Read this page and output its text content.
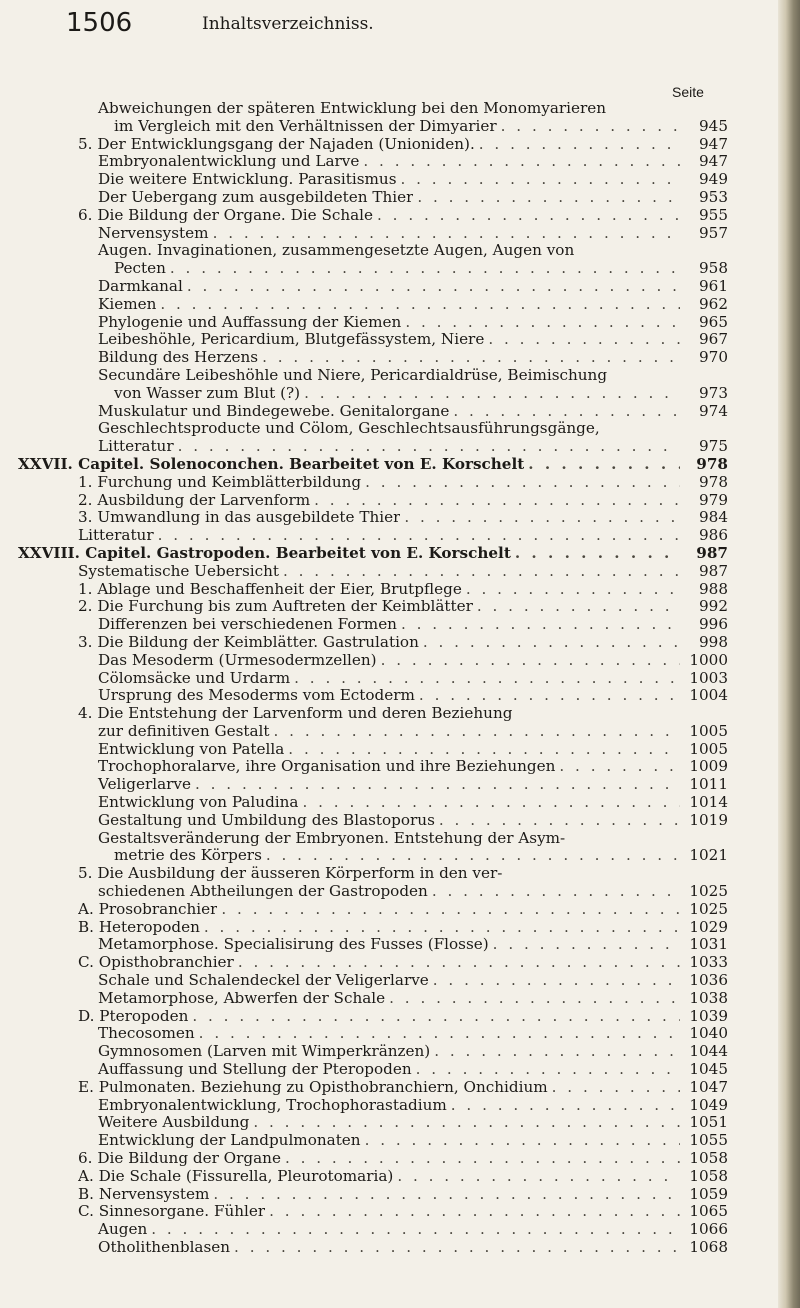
1506	Inhaltsverzeichniss.
Seite
Abweichungen der späteren Entwicklung bei den Monomyarieren
im Vergleich mit den Verhältnissen der Dimyarier . . .	945
5. Der Entwicklungsgang der Najaden (Unioniden). . . .	947
Embryonalentwicklung und Larve . . .	947
Die weitere Entwicklung. Parasitismus . . .	949
Der Uebergang zum ausgebildeten Thier . . .	953
6. Die Bildung der Organe. Die Schale . . .	955
Nervensystem . . .	957
Augen. Invaginationen, zusammengesetzte Augen, Augen von
Pecten . . .	958
Darmkanal . . .	961
Kiemen . . .	962
Phylogenie und Auffassung der Kiemen . . .	965
Leibeshöhle, Pericardium, Blutgefässystem, Niere . . .	967
Bildung des Herzens . . .	970
Secundäre Leibeshöhle und Niere, Pericardialdrüse, Beimischung
von Wasser zum Blut (?) . . .	973
Muskulatur und Bindegewebe. Genitalorgane . . .	974
Geschlechtsproducte und Cölom, Geschlechtsausführungsgänge,
Litteratur . . .	975
XXVII. Capitel. Solenoconchen. Bearbeitet von E. Korschelt . . .	978
1. Furchung und Keimblätterbildung . . .	978
2. Ausbildung der Larvenform . . .	979
3. Umwandlung in das ausgebildete Thier . . .	984
Litteratur . . .	986
XXVIII. Capitel. Gastropoden. Bearbeitet von E. Korschelt . . .	987
Systematische Uebersicht . . .	987
1. Ablage und Beschaffenheit der Eier, Brutpflege . . .	988
2. Die Furchung bis zum Auftreten der Keimblätter . . .	992
Differenzen bei verschiedenen Formen . . .	996
3. Die Bildung der Keimblätter. Gastrulation . . .	998
Das Mesoderm (Urmesodermzellen) . . .	1000
Cölomsäcke und Urdarm . . .	1003
Ursprung des Mesoderms vom Ectoderm . . .	1004
4. Die Entstehung der Larvenform und deren Beziehung
zur definitiven Gestalt . . .	1005
Entwicklung von Patella . . .	1005
Trochophoralarve, ihre Organisation und ihre Beziehungen . . .	1009
Veligerlarve . . .	1011
Entwicklung von Paludina . . .	1014
Gestaltung und Umbildung des Blastoporus . . .	1019
Gestaltsveränderung der Embryonen. Entstehung der Asym-
metrie des Körpers . . .	1021
5. Die Ausbildung der äusseren Körperform in den ver-
schiedenen Abtheilungen der Gastropoden . . .	1025
A. Prosobranchier . . .	1025
B. Heteropoden . . .	1029
Metamorphose. Specialisirung des Fusses (Flosse) . . .	1031
C. Opisthobranchier . . .	1033
Schale und Schalendeckel der Veligerlarve . . .	1036
Metamorphose, Abwerfen der Schale . . .	1038
D. Pteropoden . . .	1039
Thecosomen . . .	1040
Gymnosomen (Larven mit Wimperkränzen) . . .	1044
Auffassung und Stellung der Pteropoden . . .	1045
E. Pulmonaten. Beziehung zu Opisthobranchiern, Onchidium . . .	1047
Embryonalentwicklung, Trochophorastadium . . .	1049
Weitere Ausbildung . . .	1051
Entwicklung der Landpulmonaten . . .	1055
6. Die Bildung der Organe . . .	1058
A. Die Schale (Fissurella, Pleurotomaria) . . .	1058
B. Nervensystem . . .	1059
C. Sinnesorgane. Fühler . . .	1065
Augen . . .	1066
Otholithenblasen . . .	1068
